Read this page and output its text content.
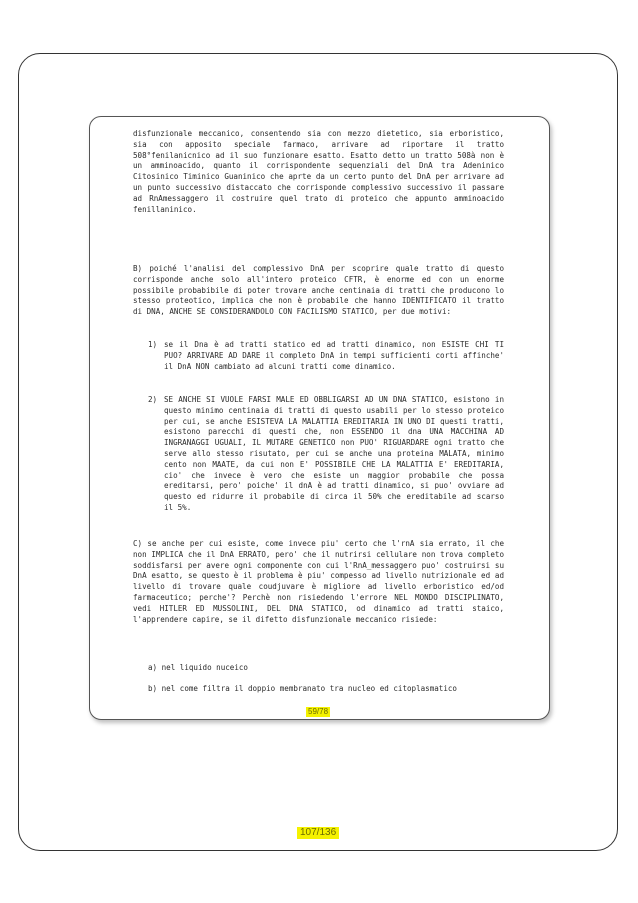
disfunzionale meccanico, consentendo sia con mezzo dietetico, sia erboristico, sia con apposito speciale farmaco, arrivare ad riportare il tratto 508°fenilanicnico ad il suo funzionare esatto. Esatto detto un tratto 508à non è un amminoacido, quanto il corrispondente sequenziali del DnA tra Adeninico Citosinico Timinico Guaninico che aprte da un certo punto del DnA per arrivare ad un punto successivo distaccato che corrisponde complessivo successivo il passare ad RnAmessaggero il costruire quel trato di proteico che appunto amminoacido fenillaninico.

B) poiché l'analisi del complessivo DnA per scoprire quale tratto di questo corrisponde anche solo all'intero proteico CFTR, è enorme ed con un enorme possibile probabibile di poter trovare anche centinaia di tratti che producono lo stesso proteotico, implica che non è probabile che hanno IDENTIFICATO il tratto di DNA, ANCHE SE CONSIDERANDOLO CON FACILISMO STATICO, per due motivi:

1) se il Dna è ad tratti statico ed ad tratti dinamico, non ESISTE CHI TI PUO? ARRIVARE AD DARE il completo DnA in tempi sufficienti corti affinche' il DnA NON cambiato ad alcuni tratti come dinamico.
2) SE ANCHE SI VUOLE FARSI MALE ED OBBLIGARSI AD UN DNA STATICO, esistono in questo minimo centinaia di tratti di questo usabili per lo stesso proteico per cui, se anche ESISTEVA LA MALATTIA EREDITARIA IN UNO DI questi tratti, esistono parecchi di questi che, non ESSENDO il dna UNA MACCHINA AD INGRANAGGI UGUALI, IL MUTARE GENETICO non PUO' RIGUARDARE ogni tratto che serve allo stesso risutato, per cui se anche una proteina MALATA, minimo cento non MAATE, da cui non E' POSSIBILE CHE LA MALATTIA E' EREDITARIA, cio' che invece è vero che esiste un maggior probabile che possa ereditarsi, pero' poiche' il dnA è ad tratti dinamico, si puo' ovviare ad questo ed ridurre il probabile di circa il 50% che ereditabile ad scarso il 5%.

C) se anche per cui esiste, come invece piu' certo che l'rnA sia errato, il che non IMPLICA che il DnA ERRATO, pero' che il nutrirsi cellulare non trova completo soddisfarsi per avere ogni componente con cui l'RnA_messaggero puo' costruirsi su DnA esatto, se questo è il problema è piu' compesso ad livello nutrizionale ed ad livello di trovare quale coudjuvare è migliore ad livello erboristico ed/od farmaceutico; perche'? Perchè non risiedendo l'errore NEL MONDO DISCIPLINATO, vedi HITLER ED MUSSOLINI, DEL DNA STATICO, od dinamico ad tratti staico, l'apprendere capire, se il difetto disfunzionale meccanico risiede:

a) nel liquido nuceico
b) nel come filtra il doppio membranato tra nucleo ed citoplasmatico
59/78
107/136
